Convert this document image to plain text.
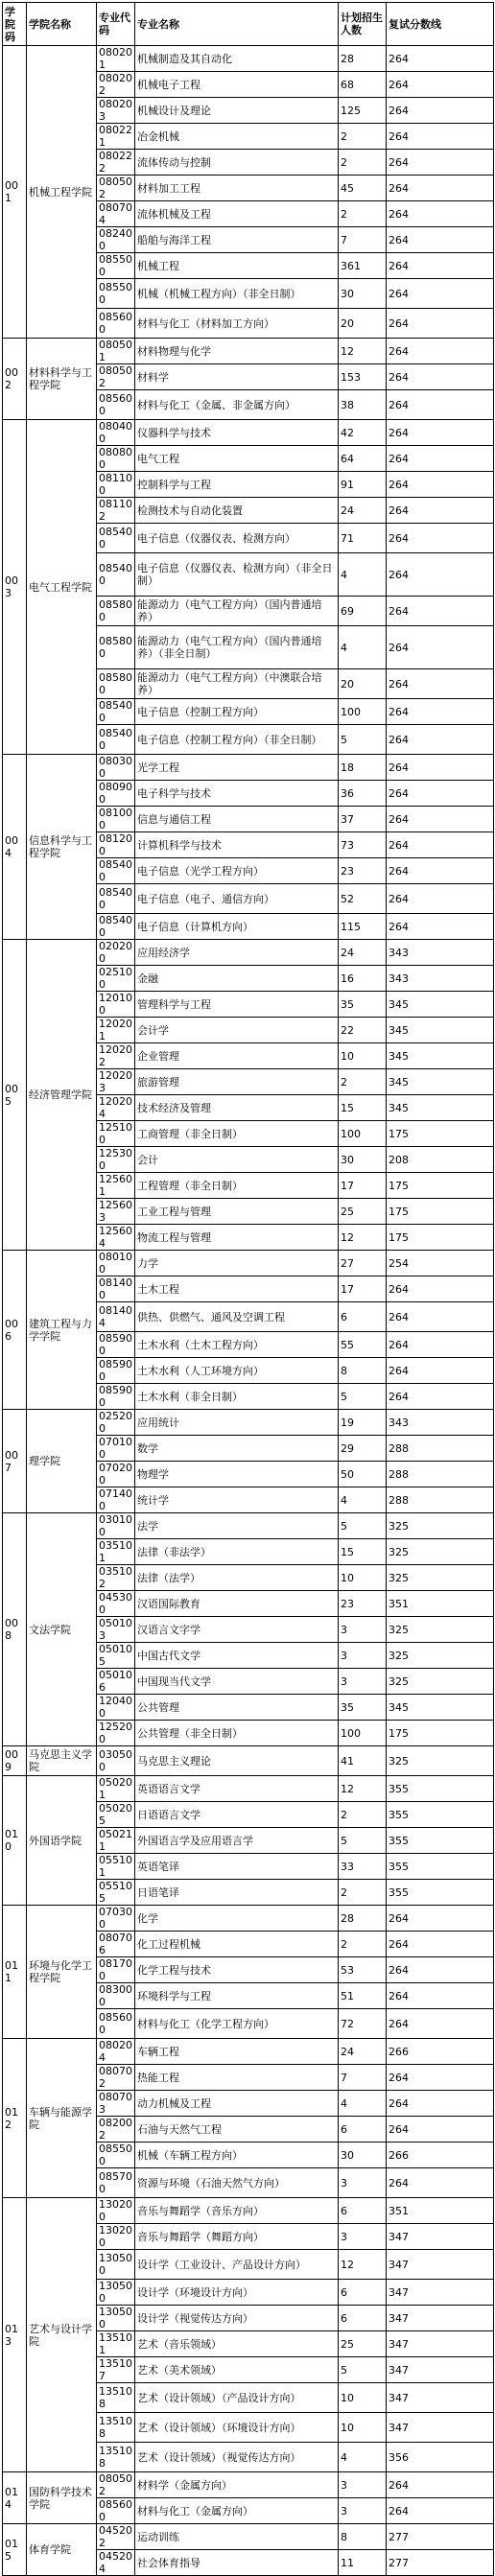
学院码	学院名称	专业代码	专业名称	计划招生人数	复试分数线
001	机械工程学院	080201	机械制造及其自动化	28	264
		080202	机械电子工程	68	264
		080203	机械设计及理论	125	264
		080221	冶金机械	2	264
		080222	流体传动与控制	2	264
		080502	材料加工工程	45	264
		080704	流体机械及工程	2	264
		082400	船舶与海洋工程	7	264
		085500	机械工程	361	264
		085500	机械（机械工程方向）（非全日制）	30	264
		085600	材料与化工（材料加工方向）	20	264
002	材料科学与工程学院	080501	材料物理与化学	12	264
		080502	材料学	153	264
		085600	材料与化工（金属、非金属方向）	38	264
003	电气工程学院	080400	仪器科学与技术	42	264
		080800	电气工程	64	264
		081100	控制科学与工程	91	264
		081102	检测技术与自动化装置	24	264
		085400	电子信息（仪器仪表、检测方向）	71	264
		085400	电子信息（仪器仪表、检测方向）（非全日制）	4	264
		085800	能源动力（电气工程方向）（国内普通培养）	69	264
		085800	能源动力（电气工程方向）（国内普通培养）（非全日制）	4	264
		085800	能源动力（电气工程方向）（中澳联合培养）	20	264
		085400	电子信息（控制工程方向）	100	264
		085400	电子信息（控制工程方向）（非全日制）	5	264
004	信息科学与工程学院	080300	光学工程	18	264
		080900	电子科学与技术	36	264
		081000	信息与通信工程	37	264
		081200	计算机科学与技术	73	264
		085400	电子信息（光学工程方向）	23	264
		085400	电子信息（电子、通信方向）	52	264
		085400	电子信息（计算机方向）	115	264
005	经济管理学院	020200	应用经济学	24	343
		025100	金融	16	343
		120100	管理科学与工程	35	345
		120201	会计学	22	345
		120202	企业管理	10	345
		120203	旅游管理	2	345
		120204	技术经济及管理	15	345
		125100	工商管理（非全日制）	100	175
		125300	会计	30	208
		125601	工程管理（非全日制）	17	175
		125603	工业工程与管理	25	175
		125604	物流工程与管理	12	175
006	建筑工程与力学学院	080100	力学	27	254
		081400	土木工程	17	264
		081404	供热、供燃气、通风及空调工程	6	264
		085900	土木水利（土木工程方向）	55	264
		085900	土木水利（人工环境方向）	8	264
		085900	土木水利（非全日制）	5	264
007	理学院	025200	应用统计	19	343
		070100	数学	29	288
		070200	物理学	50	288
		071400	统计学	4	288
008	文法学院	030100	法学	5	325
		035101	法律（非法学）	15	325
		035102	法律（法学）	10	325
		045300	汉语国际教育	23	351
		050103	汉语言文字学	3	325
		050105	中国古代文学	3	325
		050106	中国现当代文学	3	325
		120400	公共管理	35	345
		125200	公共管理（非全日制）	100	175
009	马克思主义学院	030500	马克思主义理论	41	325
010	外国语学院	050201	英语语言文学	12	355
		050205	日语语言文学	2	355
		050211	外国语言学及应用语言学	5	355
		055101	英语笔译	33	355
		055105	日语笔译	2	355
011	环境与化学工程学院	070300	化学	28	264
		080706	化工过程机械	2	264
		081700	化学工程与技术	53	264
		083000	环境科学与工程	51	264
		085600	材料与化工（化学工程方向）	72	264
012	车辆与能源学院	080204	车辆工程	24	266
		080702	热能工程	7	264
		080703	动力机械及工程	4	264
		082002	石油与天然气工程	6	264
		085500	机械（车辆工程方向）	30	266
		085700	资源与环境（石油天然气方向）	3	264
013	艺术与设计学院	130200	音乐与舞蹈学（音乐方向）	6	351
		130200	音乐与舞蹈学（舞蹈方向）	3	347
		130500	设计学（工业设计、产品设计方向）	12	347
		130500	设计学（环境设计方向）	6	347
		130500	设计学（视觉传达方向）	6	347
		135101	艺术（音乐领域）	25	347
		135107	艺术（美术领域）	5	347
		135108	艺术（设计领域）（产品设计方向）	10	347
		135108	艺术（设计领域）（环境设计方向）	10	347
		135108	艺术（设计领域）（视觉传达方向）	4	356
014	国防科学技术学院	080502	材料学（金属方向）	3	264
		085600	材料与化工（金属方向）	3	264
015	体育学院	045202	运动训练	8	277
		045204	社会体育指导	11	277
